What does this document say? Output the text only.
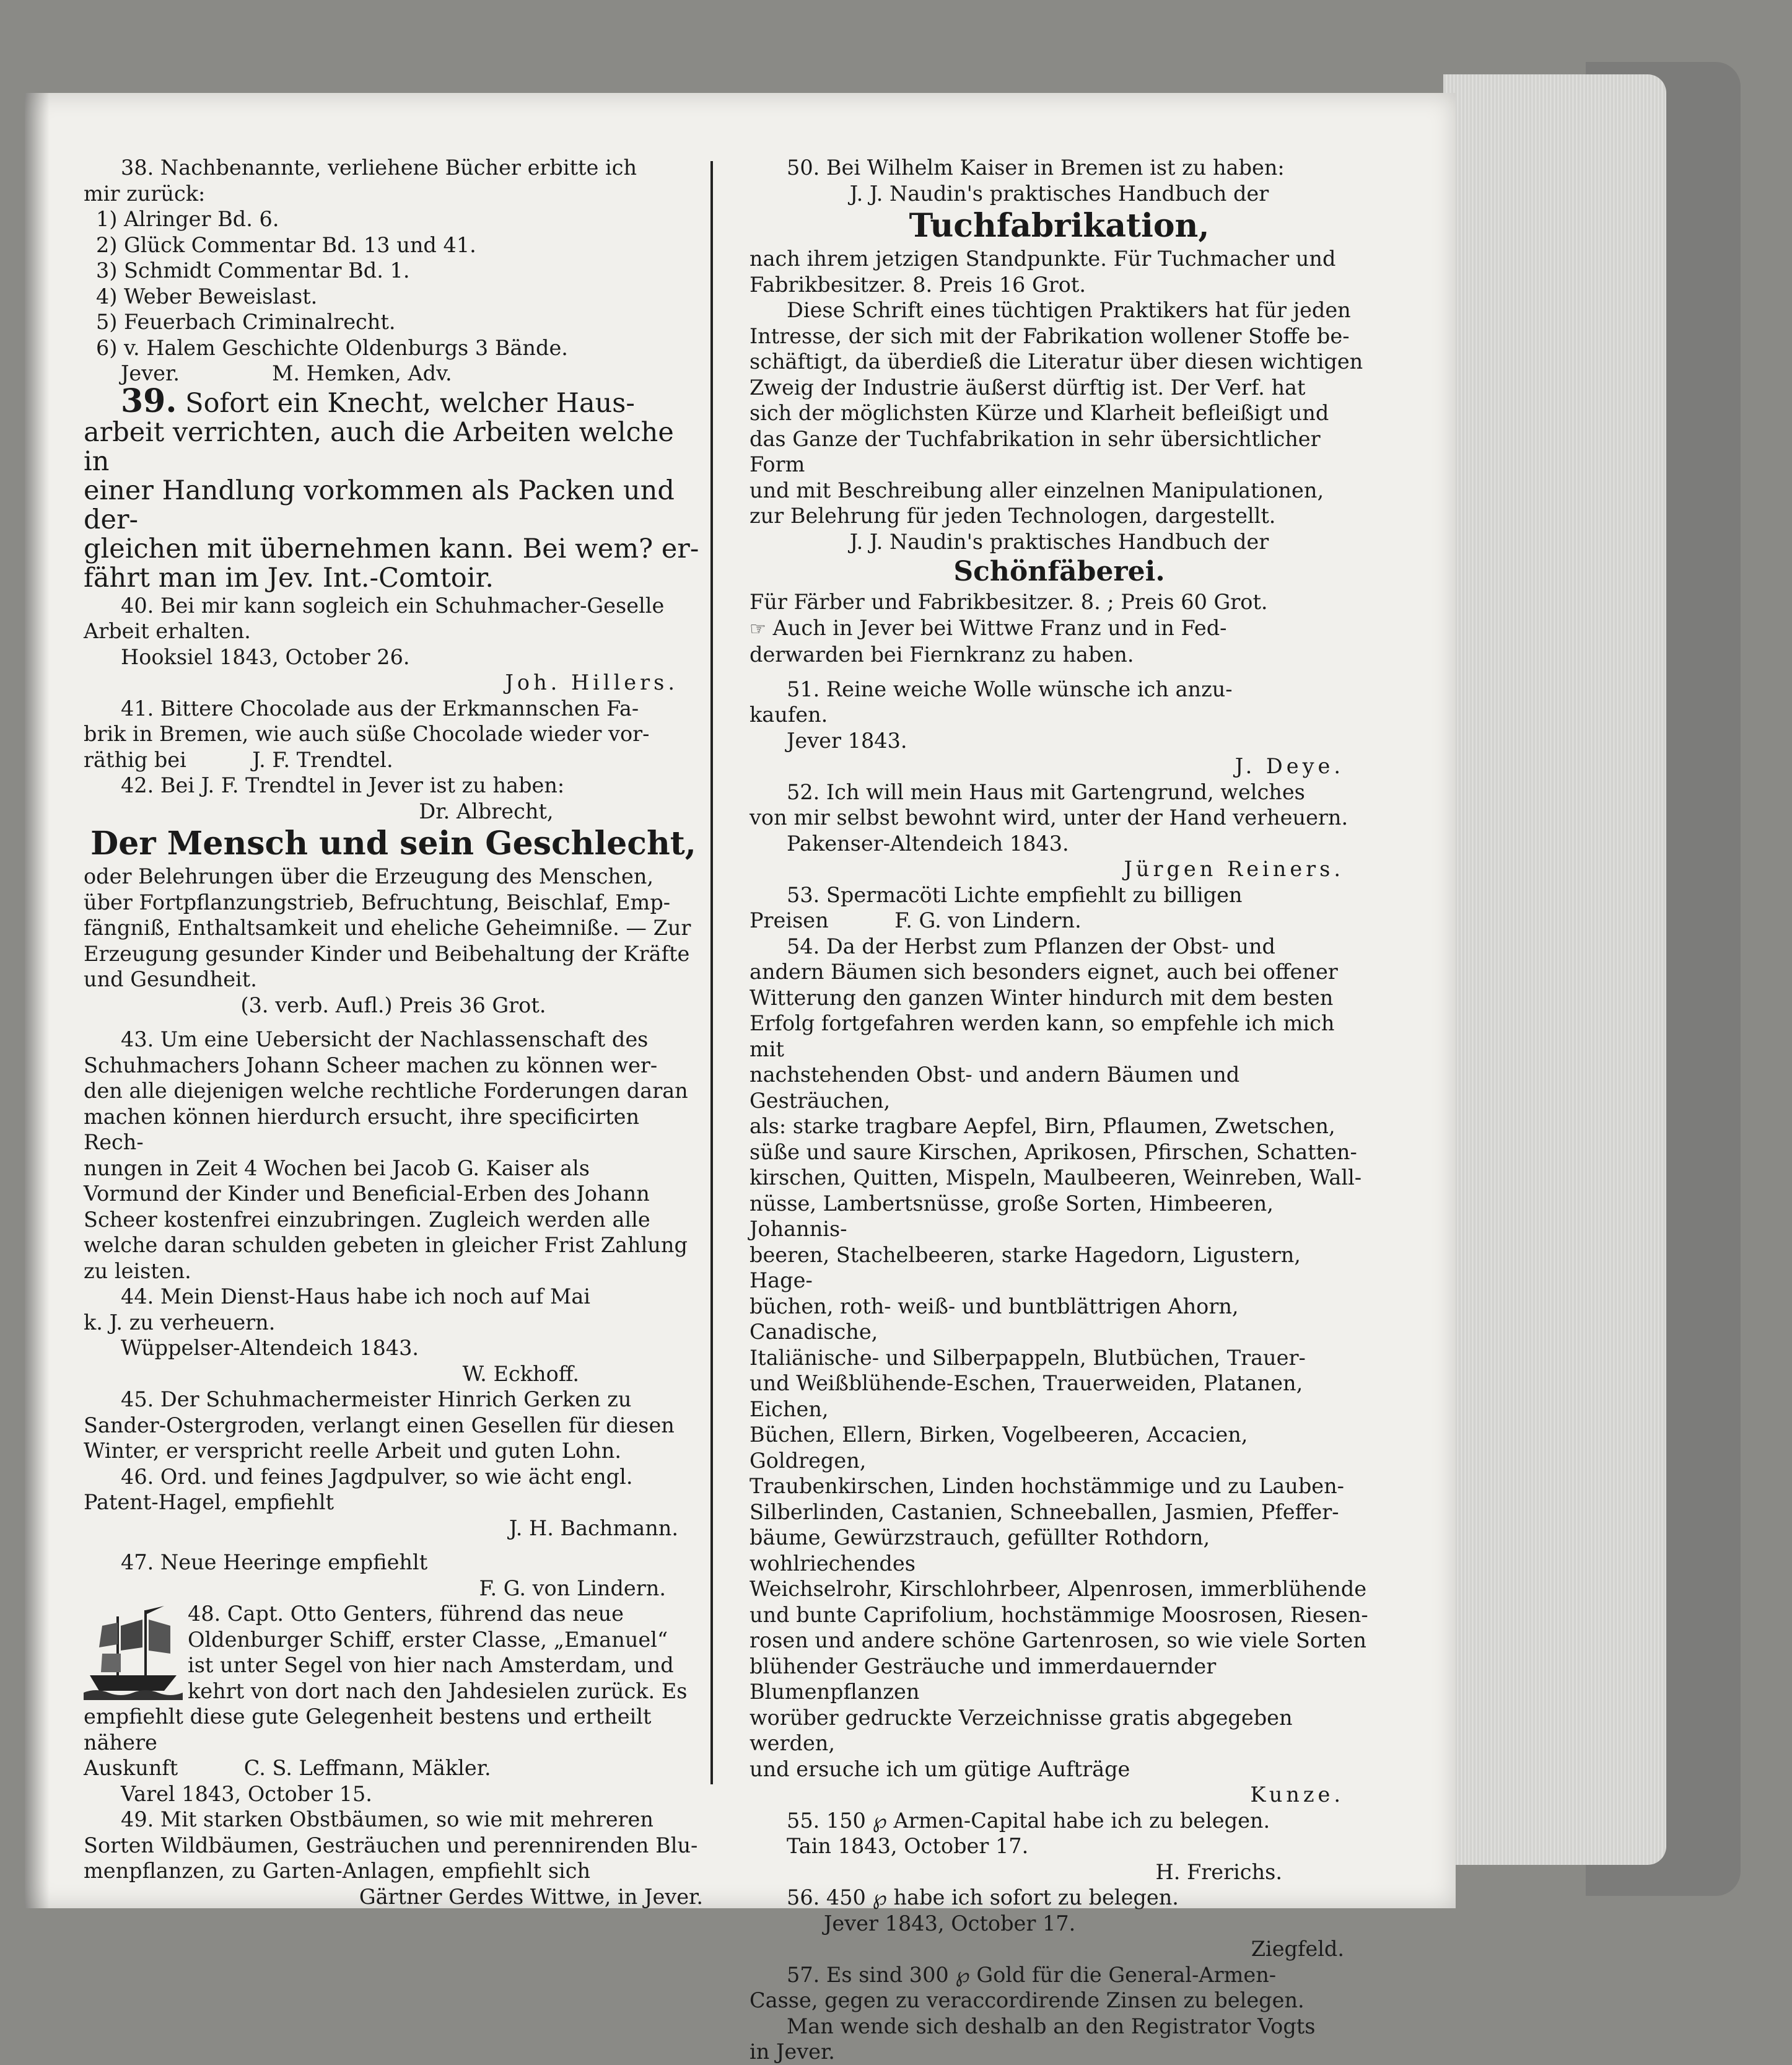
38. Nachbenannte, verliehene Bücher erbitte ich

mir zurück:

1) Alringer Bd. 6.

2) Glück Commentar Bd. 13 und 41.

3) Schmidt Commentar Bd. 1.

4) Weber Beweislast.

5) Feuerbach Criminalrecht.

6) v. Halem Geschichte Oldenburgs 3 Bände.

Jever.              M. Hemken, Adv.

39. Sofort ein Knecht, welcher Haus-

arbeit verrichten, auch die Arbeiten welche in

einer Handlung vorkommen als Packen und der-

gleichen mit übernehmen kann. Bei wem? er-

fährt man im Jev. Int.-Comtoir.

40. Bei mir kann sogleich ein Schuhmacher-Geselle

Arbeit erhalten.

Hooksiel 1843, October 26.

Joh. Hillers.

41. Bittere Chocolade aus der Erkmannschen Fa-

brik in Bremen, wie auch süße Chocolade wieder vor-

räthig bei          J. F. Trendtel.

42. Bei J. F. Trendtel in Jever ist zu haben:

Dr. Albrecht,

Der Mensch und sein Geschlecht,

oder Belehrungen über die Erzeugung des Menschen,

über Fortpflanzungstrieb, Befruchtung, Beischlaf, Emp-

fängniß, Enthaltsamkeit und eheliche Geheimniße. — Zur

Erzeugung gesunder Kinder und Beibehaltung der Kräfte

und Gesundheit.

(3. verb. Aufl.) Preis 36 Grot.

43. Um eine Uebersicht der Nachlassenschaft des

Schuhmachers Johann Scheer machen zu können wer-

den alle diejenigen welche rechtliche Forderungen daran

machen können hierdurch ersucht, ihre specificirten Rech-

nungen in Zeit 4 Wochen bei Jacob G. Kaiser als

Vormund der Kinder und Beneficial-Erben des Johann

Scheer kostenfrei einzubringen. Zugleich werden alle

welche daran schulden gebeten in gleicher Frist Zahlung

zu leisten.

44. Mein Dienst-Haus habe ich noch auf Mai

k. J. zu verheuern.

Wüppelser-Altendeich 1843.

W. Eckhoff.

45. Der Schuhmachermeister Hinrich Gerken zu

Sander-Ostergroden, verlangt einen Gesellen für diesen

Winter, er verspricht reelle Arbeit und guten Lohn.

46. Ord. und feines Jagdpulver, so wie ächt engl.

Patent-Hagel, empfiehlt

J. H. Bachmann.

47. Neue Heeringe empfiehlt

F. G. von Lindern.

48. Capt. Otto Genters, führend das neue

Oldenburger Schiff, erster Classe, „Emanuel“

ist unter Segel von hier nach Amsterdam, und

kehrt von dort nach den Jahdesielen zurück. Es

empfiehlt diese gute Gelegenheit bestens und ertheilt nähere

Auskunft          C. S. Leffmann, Mäkler.

Varel 1843, October 15.

49. Mit starken Obstbäumen, so wie mit mehreren

Sorten Wildbäumen, Gesträuchen und perennirenden Blu-

menpflanzen, zu Garten-Anlagen, empfiehlt sich

Gärtner Gerdes Wittwe, in Jever.

50. Bei Wilhelm Kaiser in Bremen ist zu haben:

J. J. Naudin's praktisches Handbuch der

Tuchfabrikation,

nach ihrem jetzigen Standpunkte. Für Tuchmacher und

Fabrikbesitzer. 8. Preis 16 Grot.

Diese Schrift eines tüchtigen Praktikers hat für jeden

Intresse, der sich mit der Fabrikation wollener Stoffe be-

schäftigt, da überdieß die Literatur über diesen wichtigen

Zweig der Industrie äußerst dürftig ist. Der Verf. hat

sich der möglichsten Kürze und Klarheit befleißigt und

das Ganze der Tuchfabrikation in sehr übersichtlicher Form

und mit Beschreibung aller einzelnen Manipulationen,

zur Belehrung für jeden Technologen, dargestellt.

J. J. Naudin's praktisches Handbuch der

Schönfäberei.

Für Färber und Fabrikbesitzer. 8. ; Preis 60 Grot.

☞ Auch in Jever bei Wittwe Franz und in Fed-

derwarden bei Fiernkranz zu haben.

51. Reine weiche Wolle wünsche ich anzu-

kaufen.

Jever 1843.

J. Deye.

52. Ich will mein Haus mit Gartengrund, welches

von mir selbst bewohnt wird, unter der Hand verheuern.

Pakenser-Altendeich 1843.

Jürgen Reiners.

53. Spermacöti Lichte empfiehlt zu billigen

Preisen          F. G. von Lindern.

54. Da der Herbst zum Pflanzen der Obst- und

andern Bäumen sich besonders eignet, auch bei offener

Witterung den ganzen Winter hindurch mit dem besten

Erfolg fortgefahren werden kann, so empfehle ich mich mit

nachstehenden Obst- und andern Bäumen und Gesträuchen,

als: starke tragbare Aepfel, Birn, Pflaumen, Zwetschen,

süße und saure Kirschen, Aprikosen, Pfirschen, Schatten-

kirschen, Quitten, Mispeln, Maulbeeren, Weinreben, Wall-

nüsse, Lambertsnüsse, große Sorten, Himbeeren, Johannis-

beeren, Stachelbeeren, starke Hagedorn, Ligustern, Hage-

büchen, roth- weiß- und buntblättrigen Ahorn, Canadische,

Italiänische- und Silberpappeln, Blutbüchen, Trauer-

und Weißblühende-Eschen, Trauerweiden, Platanen, Eichen,

Büchen, Ellern, Birken, Vogelbeeren, Accacien, Goldregen,

Traubenkirschen, Linden hochstämmige und zu Lauben-

Silberlinden, Castanien, Schneeballen, Jasmien, Pfeffer-

bäume, Gewürzstrauch, gefüllter Rothdorn, wohlriechendes

Weichselrohr, Kirschlohrbeer, Alpenrosen, immerblühende

und bunte Caprifolium, hochstämmige Moosrosen, Riesen-

rosen und andere schöne Gartenrosen, so wie viele Sorten

blühender Gesträuche und immerdauernder Blumenpflanzen

worüber gedruckte Verzeichnisse gratis abgegeben werden,

und ersuche ich um gütige Aufträge

Kunze.

55. 150 ℘ Armen-Capital habe ich zu belegen.

Tain 1843, October 17.

H. Frerichs.

56. 450 ℘ habe ich sofort zu belegen.

Jever 1843, October 17.

Ziegfeld.

57. Es sind 300 ℘ Gold für die General-Armen-

Casse, gegen zu veraccordirende Zinsen zu belegen.

Man wende sich deshalb an den Registrator Vogts

in Jever.
